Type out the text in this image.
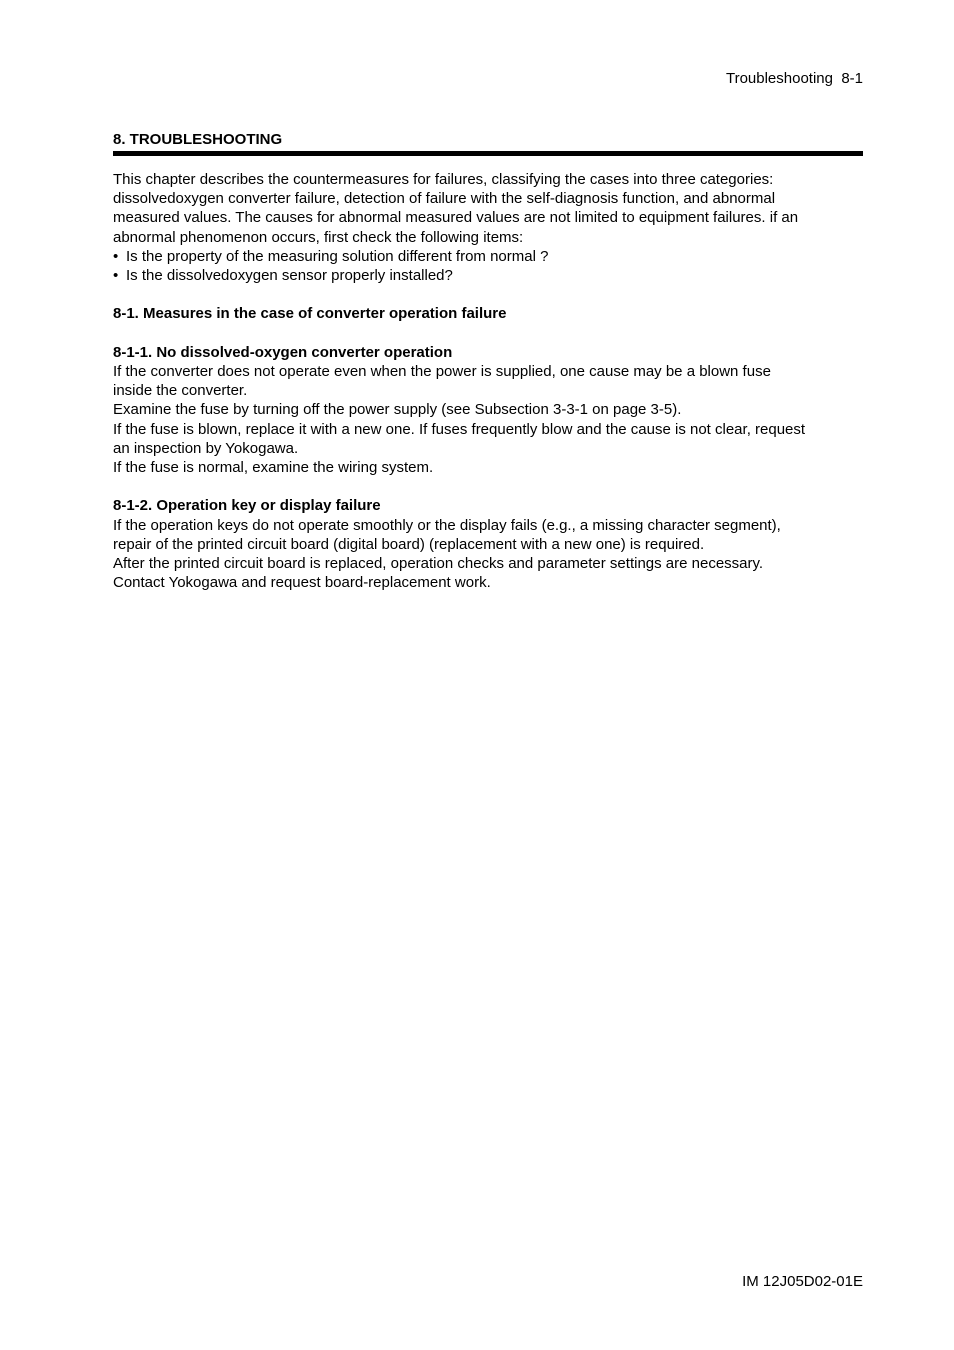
Troubleshooting  8-1
8. TROUBLESHOOTING

This chapter describes the countermeasures for failures, classifying the cases into three categories:

dissolvedoxygen converter failure, detection of failure with the self-diagnosis function, and abnormal

measured values. The causes for abnormal measured values are not limited to equipment failures. if an

abnormal phenomenon occurs, first check the following items:

• Is the property of the measuring solution different from normal ?
• Is the dissolvedoxygen sensor properly installed?
8-1. Measures in the case of converter operation failure
8-1-1. No dissolved-oxygen converter operation

If the converter does not operate even when the power is supplied, one cause may be a blown fuse

inside the converter.

Examine the fuse by turning off the power supply (see Subsection 3-3-1 on page 3-5).

If the fuse is blown, replace it with a new one. If fuses frequently blow and the cause is not clear, request

an inspection by Yokogawa.

If the fuse is normal, examine the wiring system.

8-1-2. Operation key or display failure

If the operation keys do not operate smoothly or the display fails (e.g., a missing character segment),

repair of the printed circuit board (digital board) (replacement with a new one) is required.

After the printed circuit board is replaced, operation checks and parameter settings are necessary.

Contact Yokogawa and request board-replacement work.

IM 12J05D02-01E
